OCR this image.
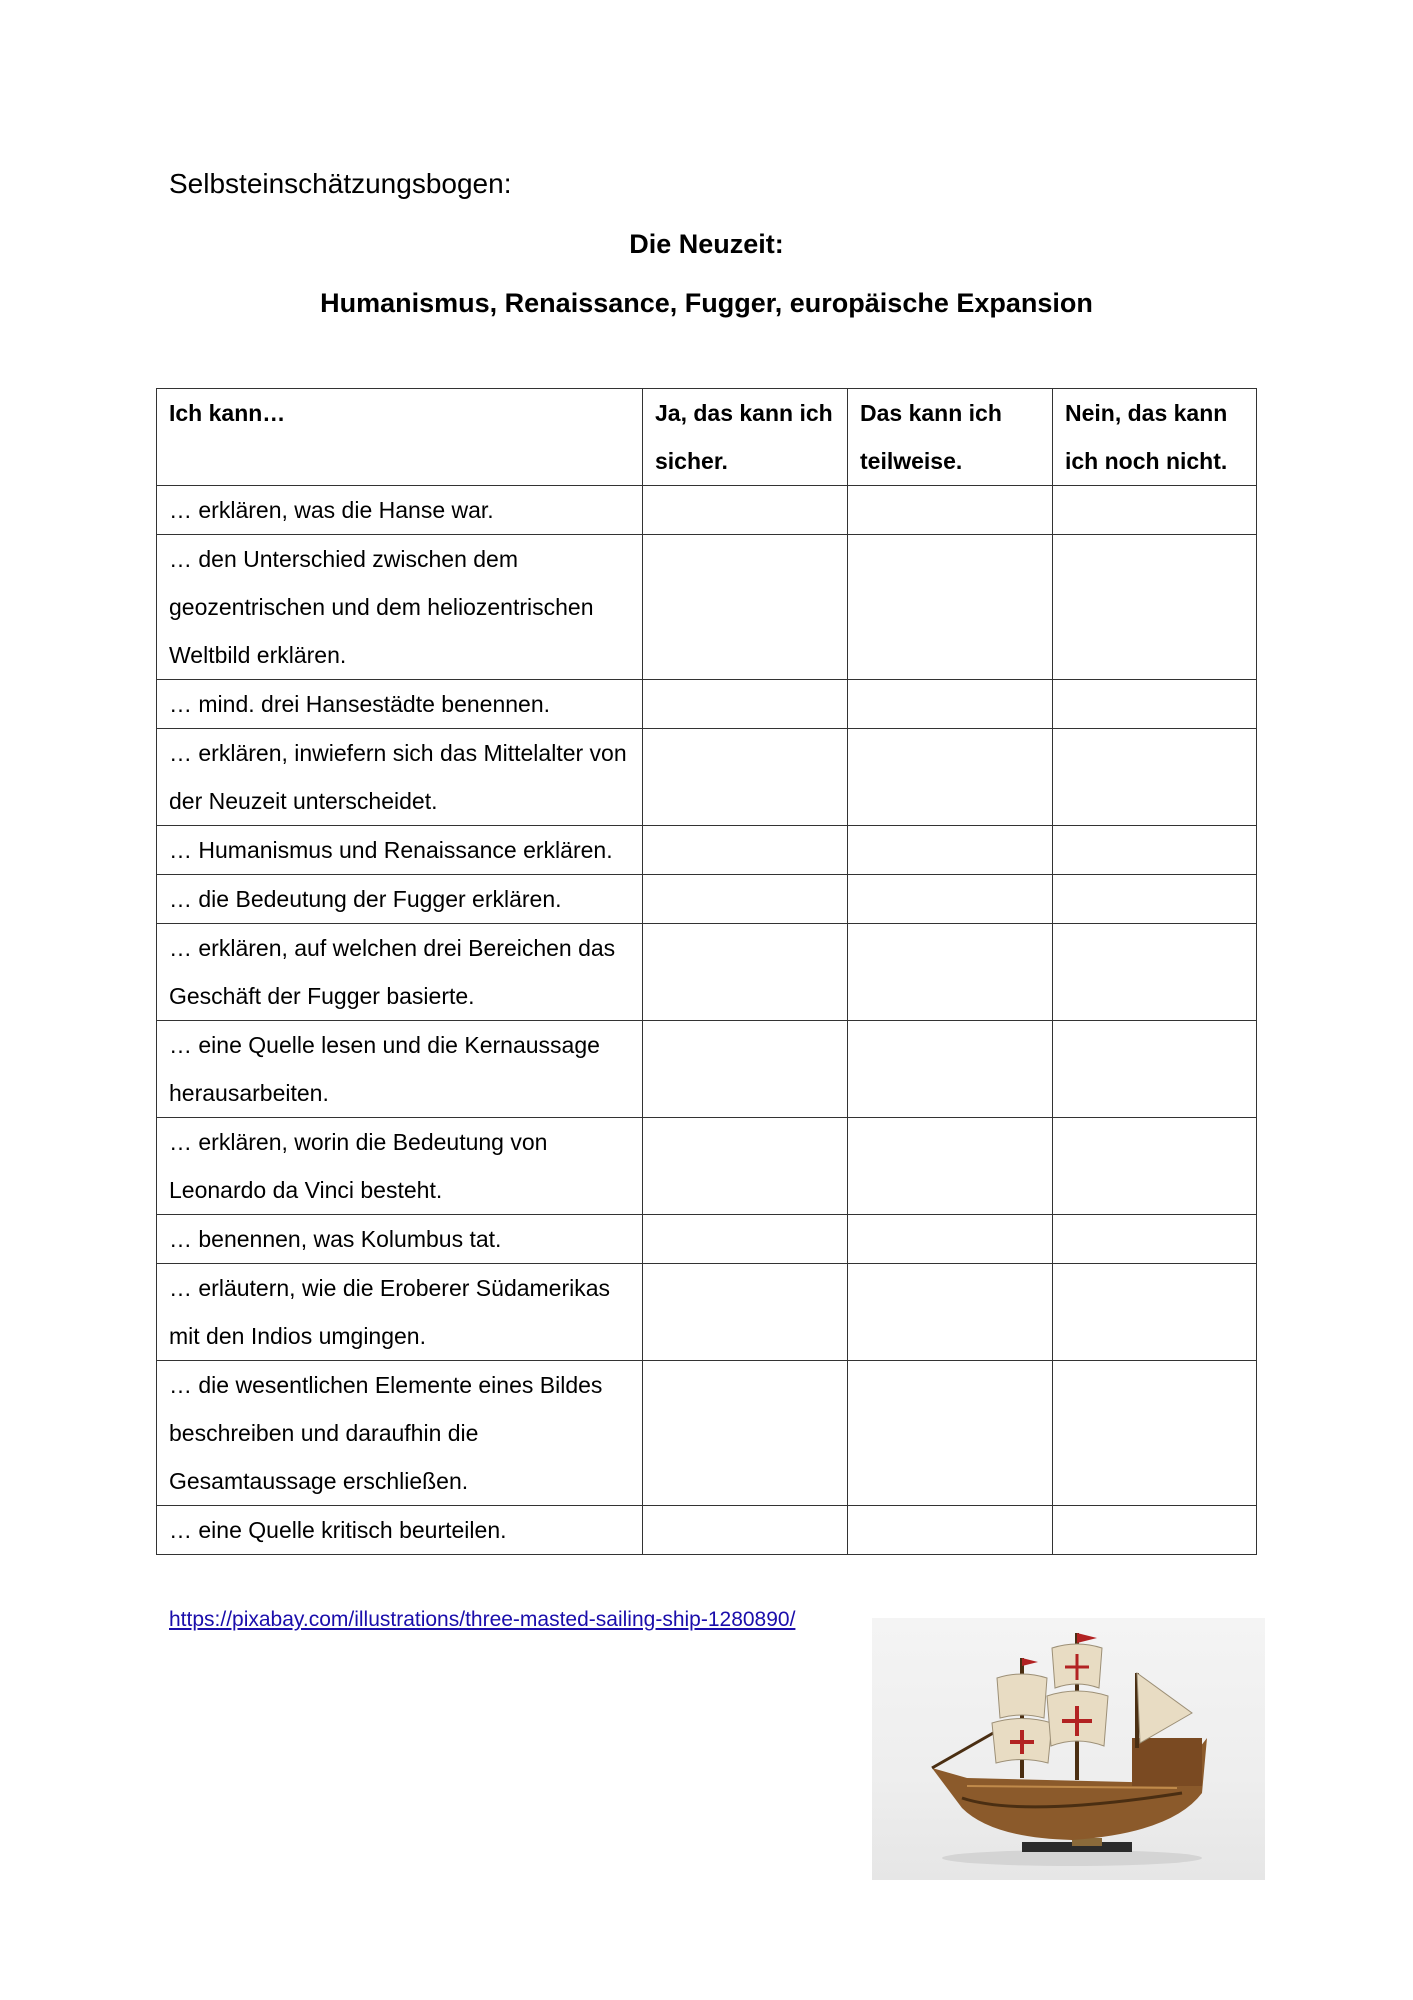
Selbsteinschätzungsbogen:
Die Neuzeit:
Humanismus, Renaissance, Fugger, europäische Expansion
Ich kann…	Ja, das kann ich sicher.	Das kann ich teilweise.	Nein, das kann ich noch nicht.

… erklären, was die Hanse war.			

… den Unterschied zwischen dem geozentrischen und dem heliozentrischen Weltbild erklären.			

… mind. drei Hansestädte benennen.			

… erklären, inwiefern sich das Mittelalter von der Neuzeit unterscheidet.			

… Humanismus und Renaissance erklären.			

… die Bedeutung der Fugger erklären.			

… erklären, auf welchen drei Bereichen das Geschäft der Fugger basierte.			

… eine Quelle lesen und die Kernaussage herausarbeiten.			

… erklären, worin die Bedeutung von Leonardo da Vinci besteht.			

… benennen, was Kolumbus tat.			

… erläutern, wie die Eroberer Südamerikas mit den Indios umgingen.			

… die wesentlichen Elemente eines Bildes beschreiben und daraufhin die Gesamtaussage erschließen.			

… eine Quelle kritisch beurteilen.			

https://pixabay.com/illustrations/three-masted-sailing-ship-1280890/
